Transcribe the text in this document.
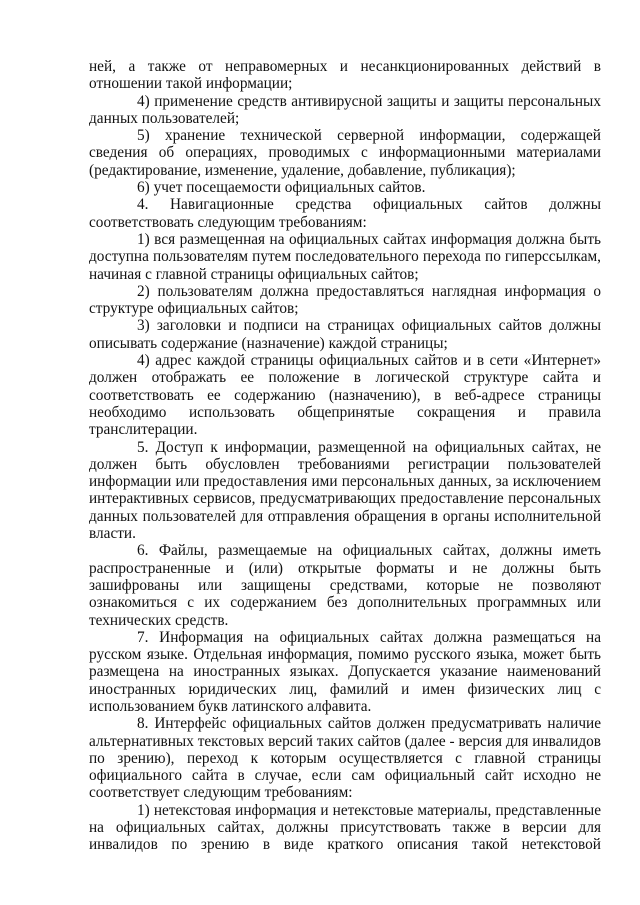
ней, а также от неправомерных и несанкционированных действий в отношении такой информации;

4) применение средств антивирусной защиты и защиты персональных данных пользователей;

5) хранение технической серверной информации, содержащей сведения об операциях, проводимых с информационными материалами (редактирование, изменение, удаление, добавление, публикация);

6) учет посещаемости официальных сайтов.

4. Навигационные средства официальных сайтов должны соответствовать следующим требованиям:

1) вся размещенная на официальных сайтах информация должна быть доступна пользователям путем последовательного перехода по гиперссылкам, начиная с главной страницы официальных сайтов;

2) пользователям должна предоставляться наглядная информация о структуре официальных сайтов;

3) заголовки и подписи на страницах официальных сайтов должны описывать содержание (назначение) каждой страницы;

4) адрес каждой страницы официальных сайтов и в сети «Интернет» должен отображать ее положение в логической структуре сайта и соответствовать ее содержанию (назначению), в веб-адресе страницы необходимо использовать общепринятые сокращения и правила транслитерации.

5. Доступ к информации, размещенной на официальных сайтах, не должен быть обусловлен требованиями регистрации пользователей информации или предоставления ими персональных данных, за исключением интерактивных сервисов, предусматривающих предоставление персональных данных пользователей для отправления обращения в органы исполнительной власти.

6. Файлы, размещаемые на официальных сайтах, должны иметь распространенные и (или) открытые форматы и не должны быть зашифрованы или защищены средствами, которые не позволяют ознакомиться с их содержанием без дополнительных программных или технических средств.

7. Информация на официальных сайтах должна размещаться на русском языке. Отдельная информация, помимо русского языка, может быть размещена на иностранных языках. Допускается указание наименований иностранных юридических лиц, фамилий и имен физических лиц с использованием букв латинского алфавита.

8. Интерфейс официальных сайтов должен предусматривать наличие альтернативных текстовых версий таких сайтов (далее - версия для инвалидов по зрению), переход к которым осуществляется с главной страницы официального сайта в случае, если сам официальный сайт исходно не соответствует следующим требованиям:

1) нетекстовая информация и нетекстовые материалы, представленные на официальных сайтах, должны присутствовать также в версии для инвалидов по зрению в виде краткого описания такой нетекстовой
